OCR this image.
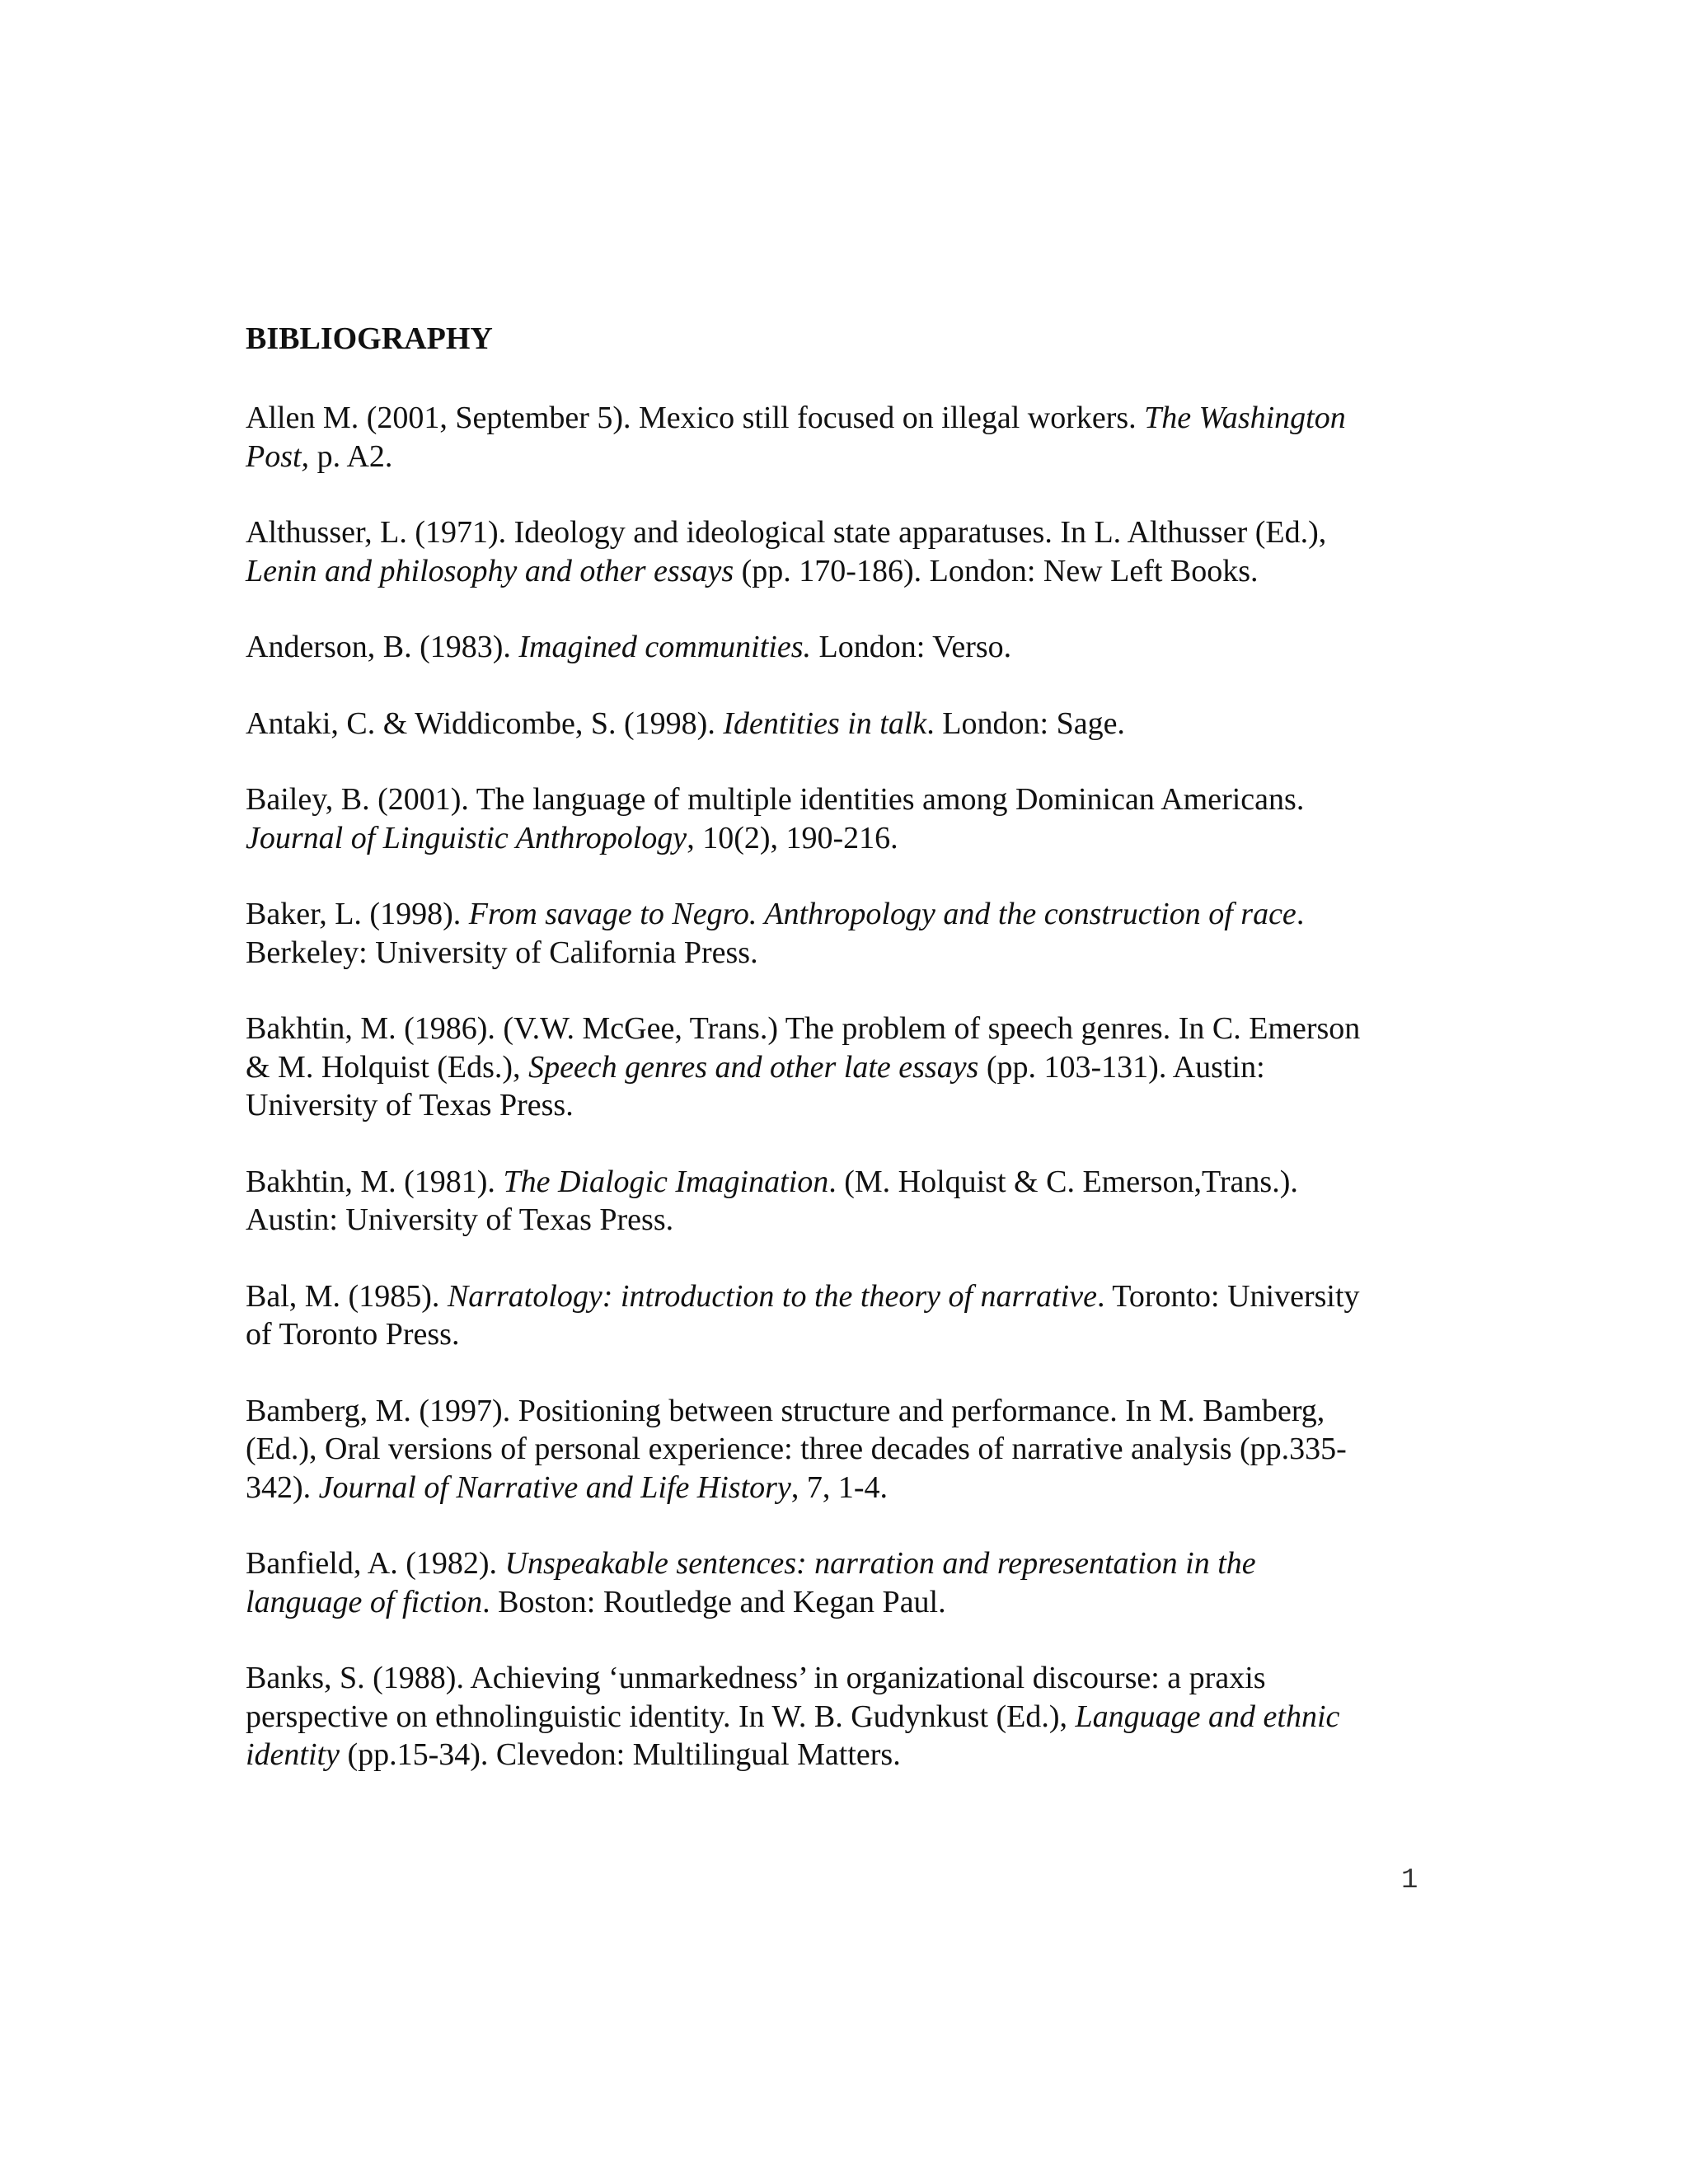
BIBLIOGRAPHY

Allen M. (2001, September 5). Mexico still focused on illegal workers. The Washington
Post, p. A2.

Althusser, L. (1971). Ideology and ideological state apparatuses. In L. Althusser (Ed.),
Lenin and philosophy and other essays (pp. 170-186). London: New Left Books.

Anderson, B. (1983). Imagined communities. London: Verso.

Antaki, C. & Widdicombe, S. (1998). Identities in talk. London: Sage.

Bailey, B. (2001). The language of multiple identities among Dominican Americans.
Journal of Linguistic Anthropology, 10(2), 190-216.

Baker, L. (1998). From savage to Negro. Anthropology and the construction of race.
Berkeley: University of California Press.

Bakhtin, M. (1986). (V.W. McGee, Trans.) The problem of speech genres. In C. Emerson
& M. Holquist (Eds.), Speech genres and other late essays (pp. 103-131). Austin:
University of Texas Press.

Bakhtin, M. (1981). The Dialogic Imagination. (M. Holquist & C. Emerson,Trans.).
Austin: University of Texas Press.

Bal, M. (1985). Narratology: introduction to the theory of narrative. Toronto: University
of Toronto Press.

Bamberg, M. (1997). Positioning between structure and performance. In M. Bamberg,
(Ed.), Oral versions of personal experience: three decades of narrative analysis (pp.335-
342). Journal of Narrative and Life History, 7, 1-4.

Banfield, A. (1982). Unspeakable sentences: narration and representation in the
language of fiction. Boston: Routledge and Kegan Paul.

Banks, S. (1988). Achieving ‘unmarkedness’ in organizational discourse: a praxis
perspective on ethnolinguistic identity. In W. B. Gudynkust (Ed.), Language and ethnic
identity (pp.15-34). Clevedon: Multilingual Matters.

1
